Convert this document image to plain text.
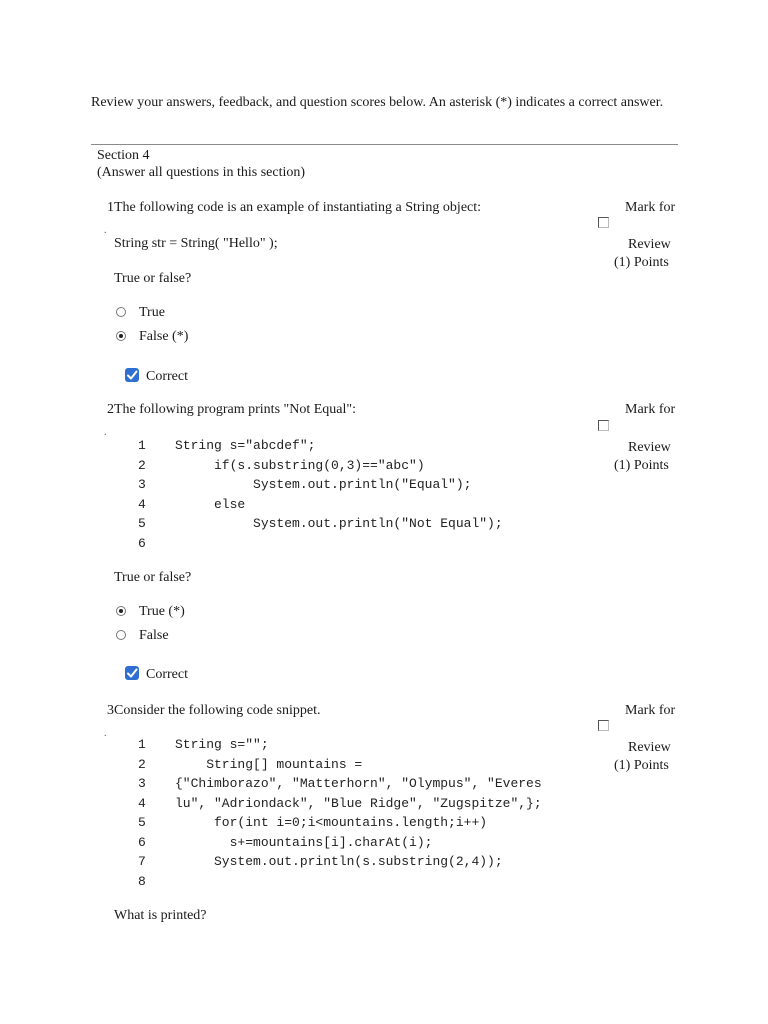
Review your answers, feedback, and question scores below. An asterisk (*) indicates a correct answer.
Section 4
(Answer all questions in this section)
1The following code is an example of instantiating a String object:
.
Mark for
Review
(1) Points
String str = String( "Hello" );
True or false?
True
False (*)
Correct
2The following program prints "Not Equal":
.
Mark for
Review
(1) Points
1 String s="abcdef";
2     if(s.substring(0,3)=="abc")
3          System.out.println("Equal");
4     else
5          System.out.println("Not Equal");
6
True or false?
True (*)
False
Correct
3Consider the following code snippet.
.
Mark for
Review
(1) Points
1 String s="";
2    String[] mountains =
3 {"Chimborazo", "Matterhorn", "Olympus", "Everes
4 lu", "Adriondack", "Blue Ridge", "Zugspitze",};
5     for(int i=0;i<mountains.length;i++)
6       s+=mountains[i].charAt(i);
7     System.out.println(s.substring(2,4));
8
What is printed?
